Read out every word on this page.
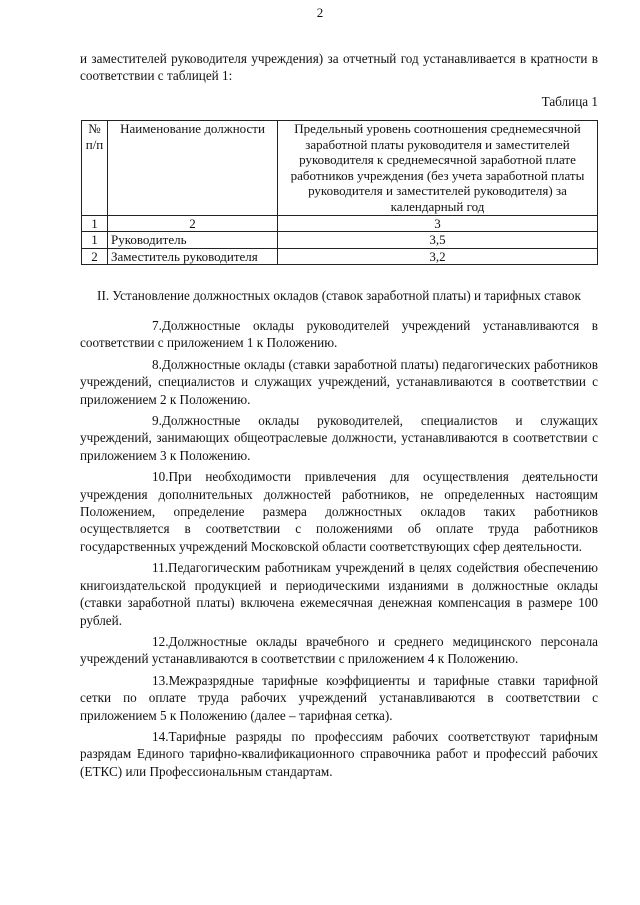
2
и заместителей руководителя учреждения) за отчетный год устанавливается в кратности в соответствии с таблицей 1:
Таблица 1
№ п/п	Наименование должности	Предельный уровень соотношения среднемесячной заработной платы руководителя и заместителей руководителя к среднемесячной заработной плате работников учреждения (без учета заработной платы руководителя и заместителей руководителя) за календарный год
1	2	3
1	Руководитель	3,5
2	Заместитель руководителя	3,2
II. Установление должностных окладов (ставок заработной платы) и тарифных ставок

7.Должностные оклады руководителей учреждений устанавливаются в соответствии с приложением 1 к Положению.

8.Должностные оклады (ставки заработной платы) педагогических работников учреждений, специалистов и служащих учреждений, устанавливаются в соответствии с приложением 2 к Положению.

9.Должностные оклады руководителей, специалистов и служащих учреждений, занимающих общеотраслевые должности, устанавливаются в соответствии с приложением 3 к Положению.

10.При необходимости привлечения для осуществления деятельности учреждения дополнительных должностей работников, не определенных настоящим Положением, определение размера должностных окладов таких работников осуществляется в соответствии с положениями об оплате труда работников государственных учреждений Московской области соответствующих сфер деятельности.

11.Педагогическим работникам учреждений в целях содействия обеспечению книгоиздательской продукцией и периодическими изданиями в должностные оклады (ставки заработной платы) включена ежемесячная денежная компенсация в размере 100 рублей.

12.Должностные оклады врачебного и среднего медицинского персонала учреждений устанавливаются в соответствии с приложением 4 к Положению.

13.Межразрядные тарифные коэффициенты и тарифные ставки тарифной сетки по оплате труда рабочих учреждений устанавливаются в соответствии с приложением 5 к Положению (далее – тарифная сетка).

14.Тарифные разряды по профессиям рабочих соответствуют тарифным разрядам Единого тарифно-квалификационного справочника работ и профессий рабочих (ЕТКС) или Профессиональным стандартам.
